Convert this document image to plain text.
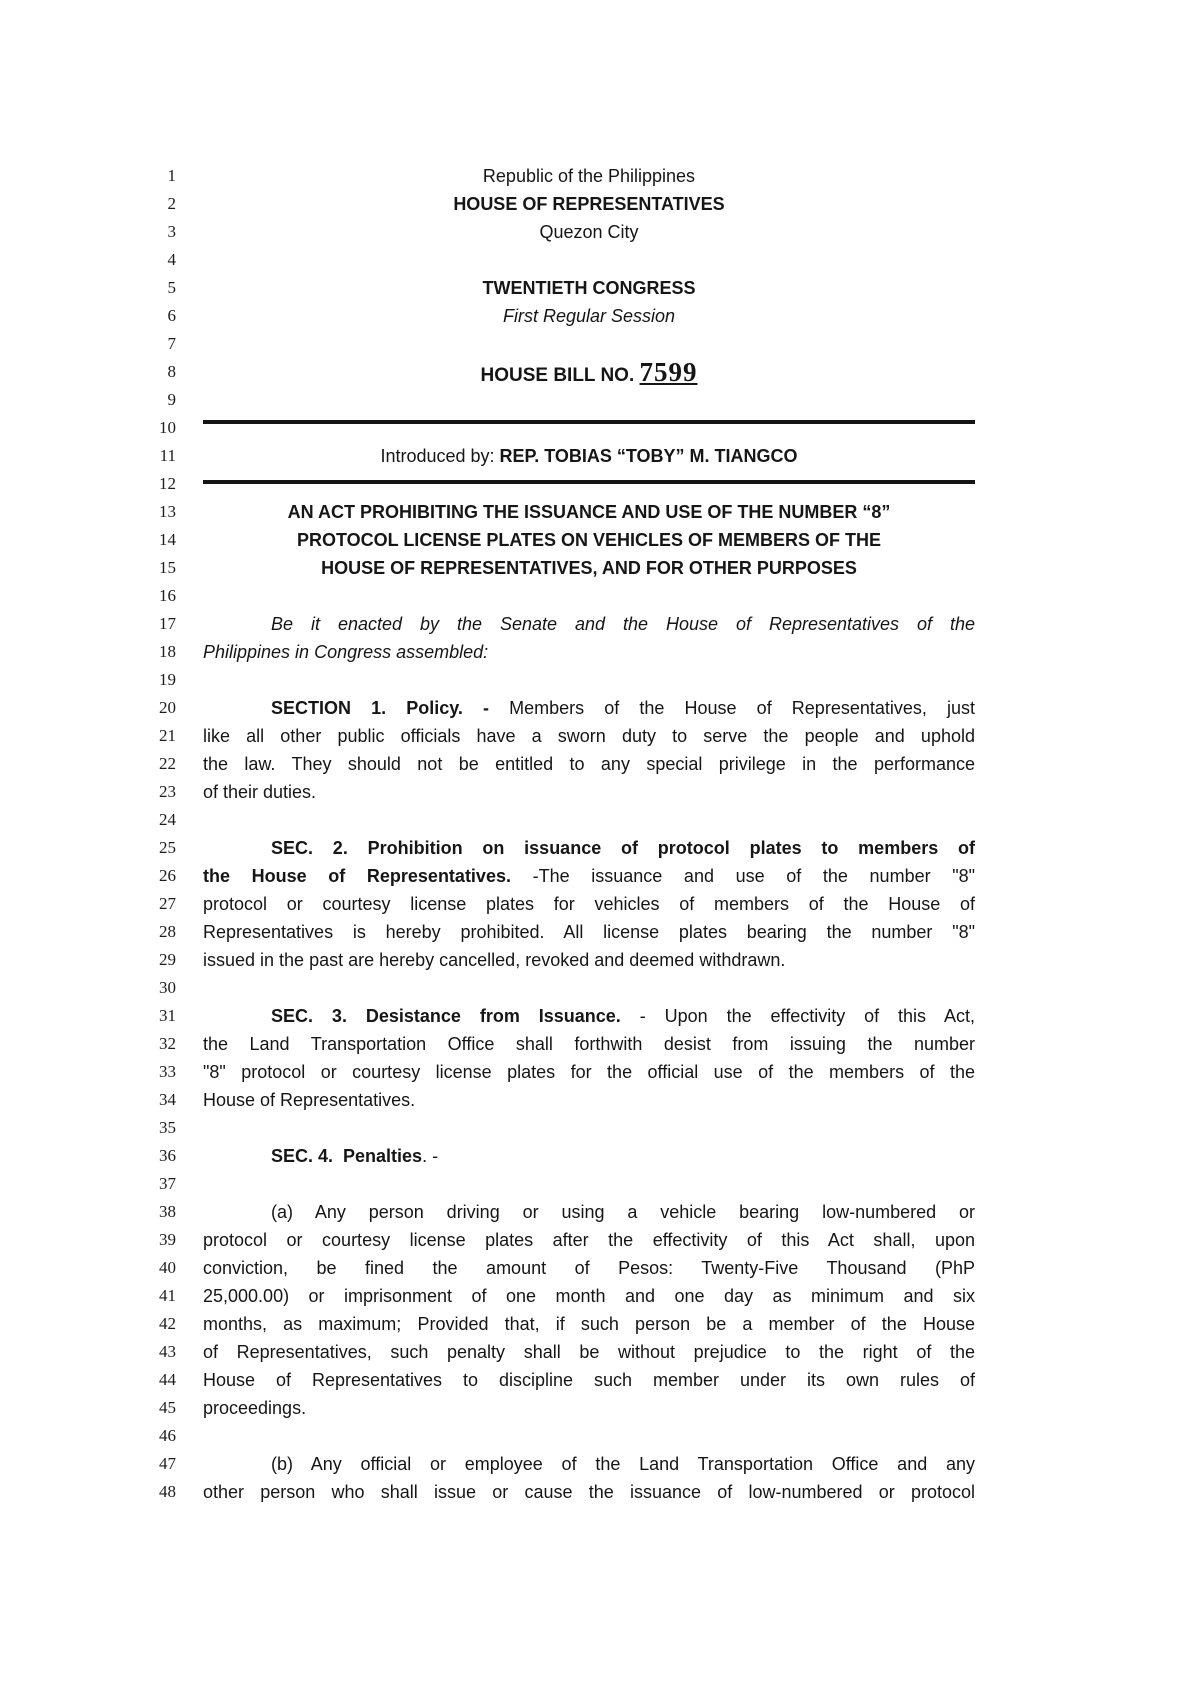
1	Republic of the Philippines
2	HOUSE OF REPRESENTATIVES
3	Quezon City
4
5	TWENTIETH CONGRESS
6	First Regular Session
7
8	HOUSE BILL NO. 7599
9
10
11	Introduced by: REP. TOBIAS “TOBY” M. TIANGCO
12
13	AN ACT PROHIBITING THE ISSUANCE AND USE OF THE NUMBER “8”
14	PROTOCOL LICENSE PLATES ON VEHICLES OF MEMBERS OF THE
15	HOUSE OF REPRESENTATIVES, AND FOR OTHER PURPOSES
16
17	Be it enacted by the Senate and the House of Representatives of the
18 Philippines in Congress assembled:
19
20	SECTION 1. Policy. - Members of the House of Representatives, just
21 like all other public officials have a sworn duty to serve the people and uphold
22 the law. They should not be entitled to any special privilege in the performance
23 of their duties.
24
25	SEC. 2. Prohibition on issuance of protocol plates to members of
26 the House of Representatives. -The issuance and use of the number "8"
27 protocol or courtesy license plates for vehicles of members of the House of
28 Representatives is hereby prohibited. All license plates bearing the number "8"
29 issued in the past are hereby cancelled, revoked and deemed withdrawn.
30
31	SEC. 3. Desistance from Issuance. - Upon the effectivity of this Act,
32 the Land Transportation Office shall forthwith desist from issuing the number
33 "8" protocol or courtesy license plates for the official use of the members of the
34 House of Representatives.
35
36	SEC. 4.  Penalties. -
37
38	(a) Any person driving or using a vehicle bearing low-numbered or
39 protocol or courtesy license plates after the effectivity of this Act shall, upon
40 conviction, be fined the amount of Pesos: Twenty-Five Thousand (PhP
41 25,000.00) or imprisonment of one month and one day as minimum and six
42 months, as maximum; Provided that, if such person be a member of the House
43 of Representatives, such penalty shall be without prejudice to the right of the
44 House of Representatives to discipline such member under its own rules of
45 proceedings.
46
47	(b) Any official or employee of the Land Transportation Office and any
48 other person who shall issue or cause the issuance of low-numbered or protocol
